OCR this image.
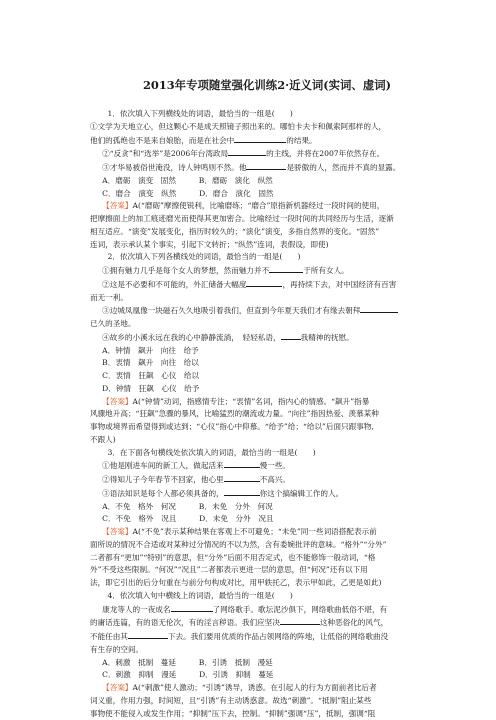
2013年专项随堂强化训练2·近义词(实词、虚词)

1．依次填入下列横线处的词语，最恰当的一组是(　　)

①文学为天地立心，但这颗心不是成天照镜子照出来的。哪怕卡夫卡和佩索阿那样的人，

他们的孤绝也不是来自娘胎，而是在社会中	的结果。

②“反贪”和“选举”是2006年台湾政局	的主线，并将在2007年依然存在。

③才华易被俗世淹没，诗人钟鸣则不然。他	是骄傲的人，然而并不真的显露。

A．磨砺　演变　固然　　　	B．磨砺　演化　纵然

C．磨合　演变　纵然　　　	D．磨合　演化　固然

【答案】A(“磨砺”摩擦使锐利，比喻磨练；“磨合”原指新机器经过一段时间的使用，

把摩擦面上的加工痕迹磨光而使得其更加密合。比喻经过一段时间的共同经历与生活，逐渐

相互适应。“演变”发展变化，指历时较久的；“演化”演变，多指自然界的变化。“固然”

连词，表示承认某个事实，引起下文转折；“纵然”连词，表假设，即使)

2．依次填入下列各横线处的词语，最恰当的一组是(　　)

①拥有魅力几乎是每个女人的梦想，然而魅力并不	于所有女人。

②这是不必要和不可能的，外汇储备大幅度	，再持续下去，对中国经济有百害

而无一利。

③边城凤凰像一块磁石久久地吸引着我们，但直到今年夏天我们才有缘去朝拜

已久的圣地。

④故乡的小溪永远在我的心中静静流淌，　轻轻私语，	我精神的抚慰。

A．钟情　飙升　向往　给予

B．衷情　飙升　向往　给以

C．衷情　狂飙　心仪　给以

D．钟情　狂飙　心仪　给予

【答案】A(“钟情”动词，指感情专注；“衷情”名词，指内心的情感。“飙升”指暴

风骤地升高；“狂飙”急骤的暴风，比喻猛烈的潮流或力量。“向往”指因热爱、羡慕某种

事物或境界而希望得到或达到；“心仪”指心中仰慕。“给予”给；“给以”后面只跟事物,

不跟人)

3．在下面各句横线处依次填入的词语，最恰当的一组是(　　)

①他是刚进车间的新工人，做起活来	慢一些。

②得知儿子今年春节不回家，他心里	不高兴。

③语法知识是每个人都必须具备的，	你这个搞编辑工作的人。

A．不免　格外　何况　　　	B．未免　分外　何况

C．不免　格外　况且　　　	D．未免　分外　况且

【答案】A(“不免”表示某种结果在客观上不可避免；“未免”同一些词语搭配表示前

面所说的情况不合适或对某种过分情况的不以为然，含有委婉批评的意味。“格外”“分外”

二者都有“更加”“特别”的意思，但“分外”后面不用否定式，也不能修饰一般动词，“格

外”不受这些限制。“何况”“况且”二者都表示更进一层的意思，但“何况”还有以下用

法，即它引出的后分句重在与前分句构成对比，用甲轶托乙，表示甲如此，乙更是如此)

4．依次填入句中横线上的词语，最恰当的一组是(　　)

康龙等人的一夜成名	了网络歌手。歌坛泥沙俱下，网络歌曲低俗不堪，有

的庸话连篇，有的语无伦次，有的淫言秽语。我们应坚决	这种恶俗化的风气，

不能任由其	下去。我们要用优质的作品占领网络的阵地，让低俗的网络歌曲没

有生存的空间。

A．刺激　抵制　蔓延　　　	B．引诱　抵制　漫延

C．刺激　抑制　漫延　　　	D．引诱　抑制　蔓延

【答案】A(“刺激”使人激动；“引诱”诱导，诱惑。在引起人的行为方面前者比后者

词义重，作用力强，时间短，且“引诱”有主动诱惑意。故选“刺激”。“抵制”阻止某些

事物使不能侵入或发生作用；“抑制”压下去，控制。“抑制”强调“压”，抵制，强调“阻
